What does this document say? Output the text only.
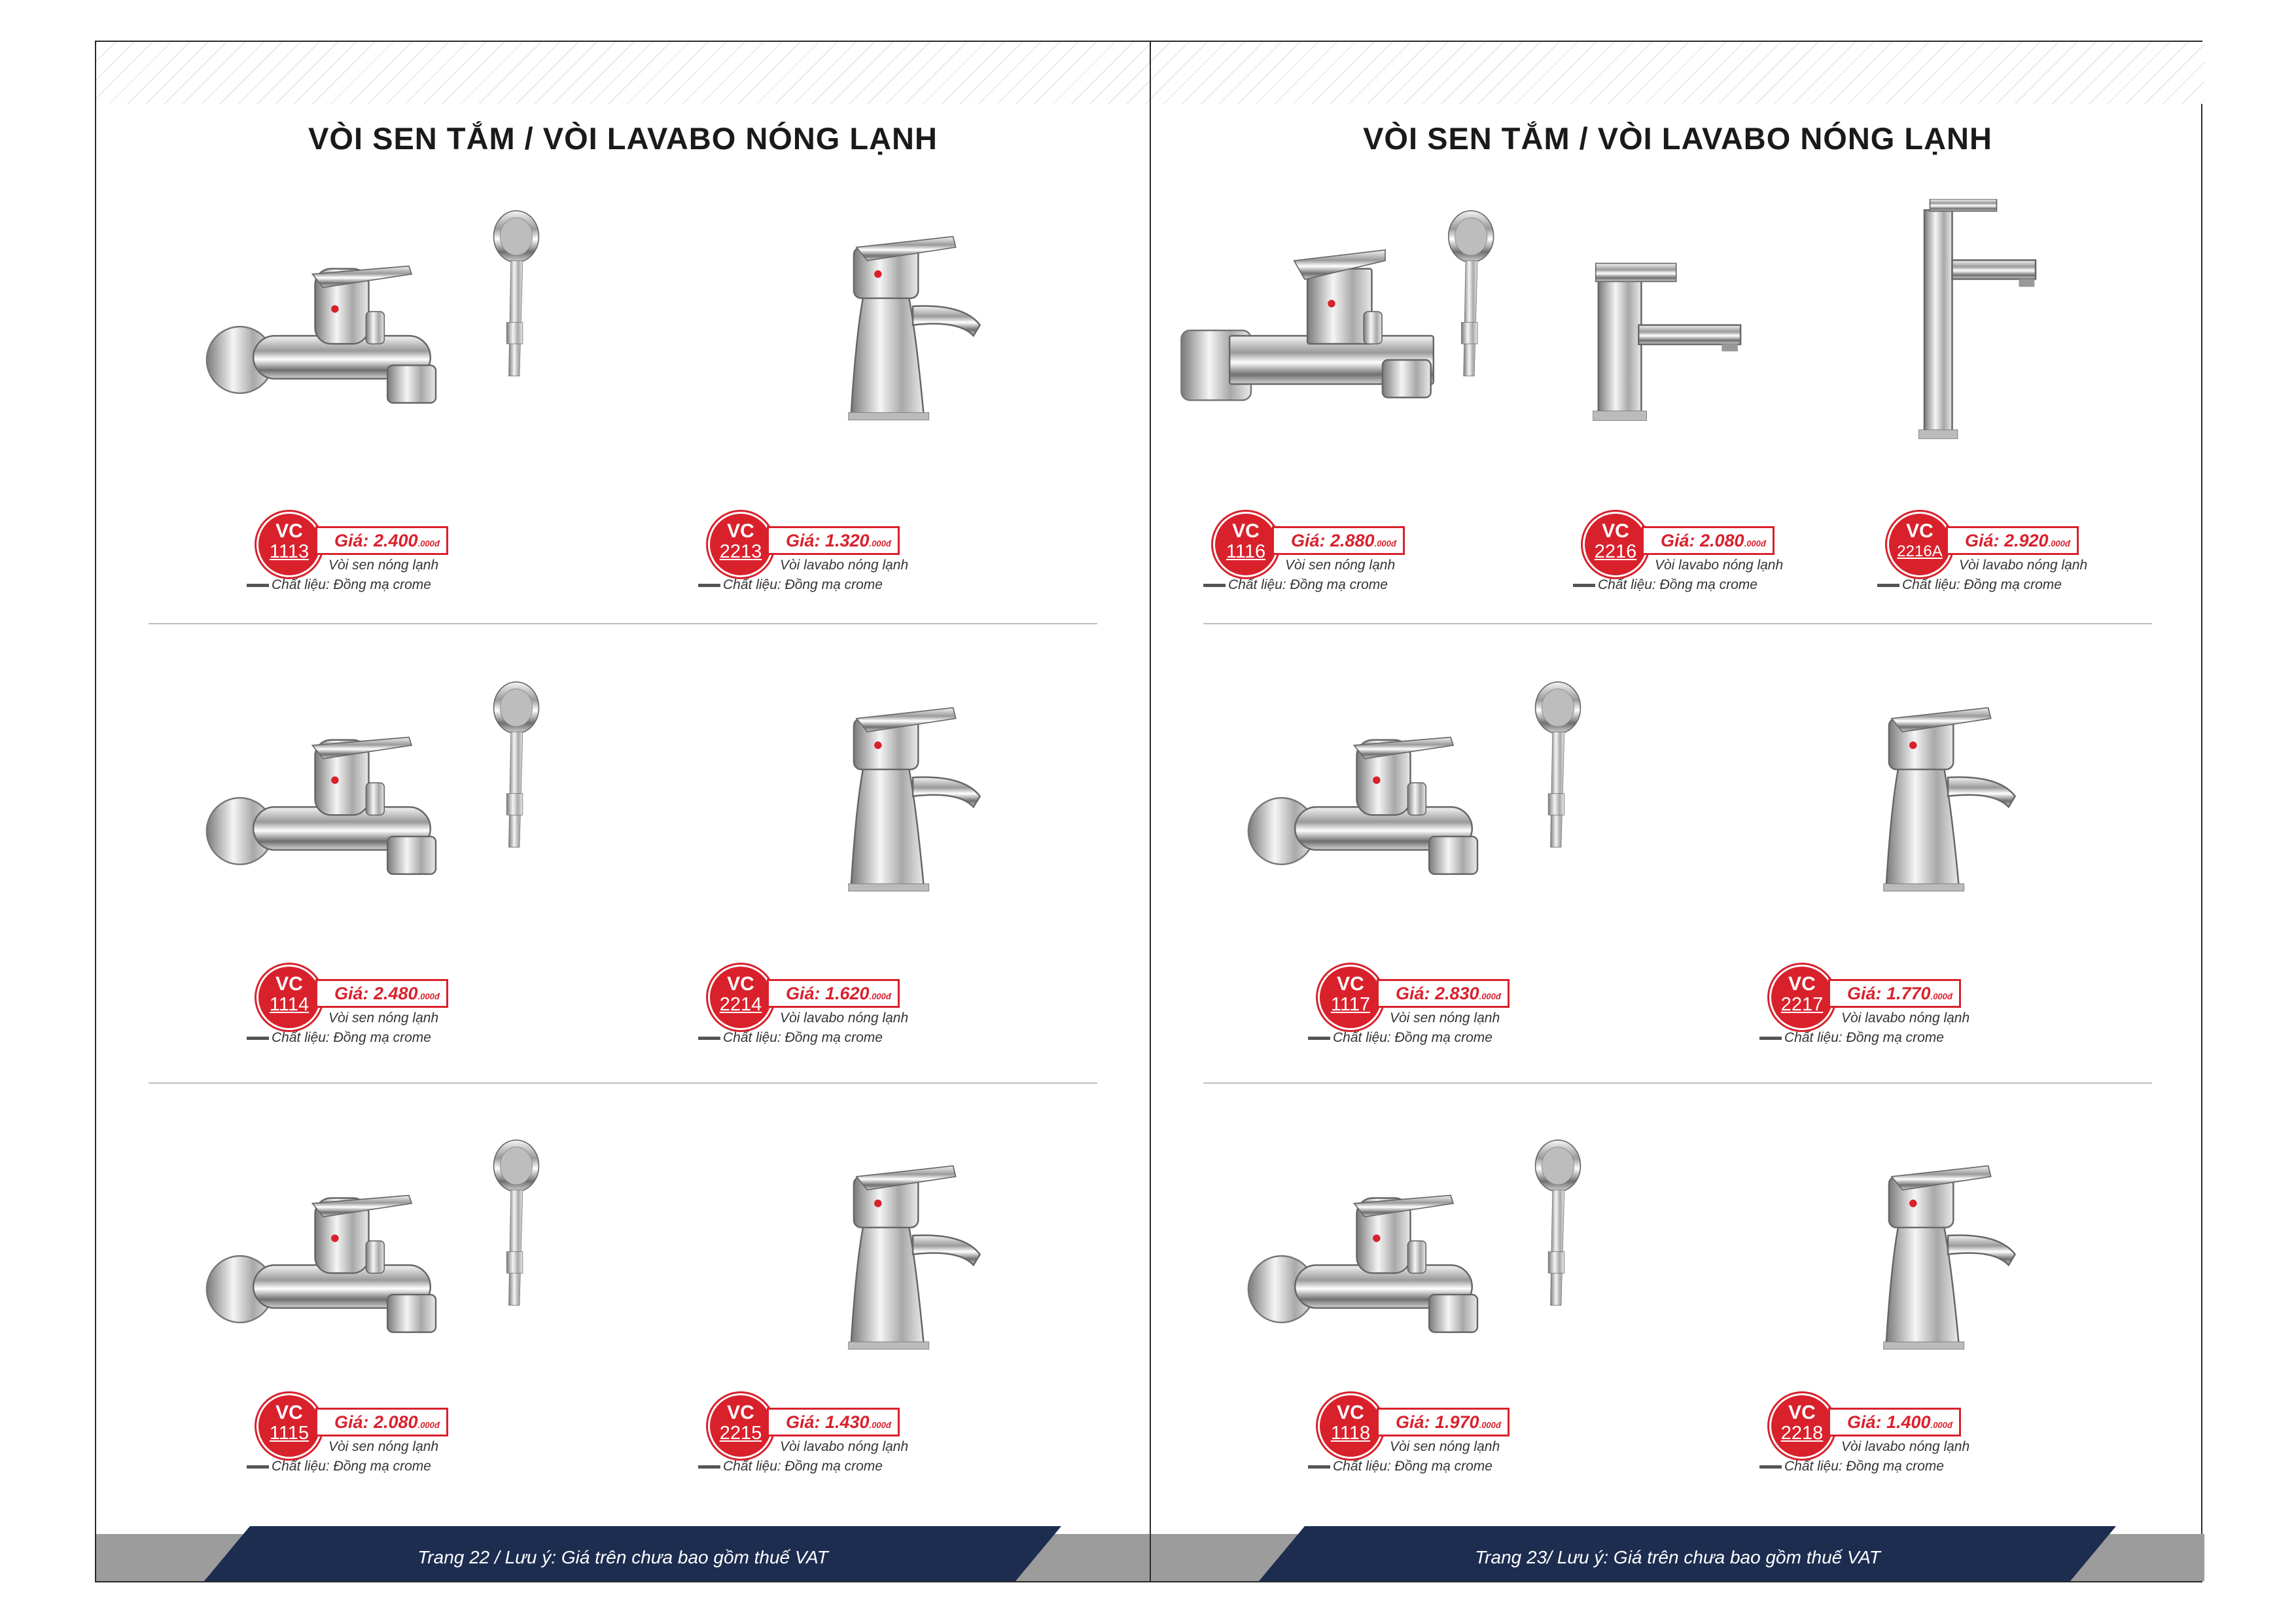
VÒI SEN TẮM / VÒI LAVABO NÓNG LẠNH
VC
1113
Giá: 2.400.000đ
Vòi sen nóng lạnh
Chất liệu: Đồng mạ crome
VC
2213
Giá: 1.320.000đ
Vòi lavabo nóng lạnh
Chất liệu: Đồng mạ crome
VC
1114
Giá: 2.480.000đ
Vòi sen nóng lạnh
Chất liệu: Đồng mạ crome
VC
2214
Giá: 1.620.000đ
Vòi lavabo nóng lạnh
Chất liệu: Đồng mạ crome
VC
1115
Giá: 2.080.000đ
Vòi sen nóng lạnh
Chất liệu: Đồng mạ crome
VC
2215
Giá: 1.430.000đ
Vòi lavabo nóng lạnh
Chất liệu: Đồng mạ crome
Trang 22 / Lưu ý: Giá trên chưa bao gồm thuế VAT
VÒI SEN TẮM / VÒI LAVABO NÓNG LẠNH
VC
1116
Giá: 2.880.000đ
Vòi sen nóng lạnh
Chất liệu: Đồng mạ crome
VC
2216
Giá: 2.080.000đ
Vòi lavabo nóng lạnh
Chất liệu: Đồng mạ crome
VC
2216A
Giá: 2.920.000đ
Vòi lavabo nóng lạnh
Chất liệu: Đồng mạ crome
VC
1117
Giá: 2.830.000đ
Vòi sen nóng lạnh
Chất liệu: Đồng mạ crome
VC
2217
Giá: 1.770.000đ
Vòi lavabo nóng lạnh
Chất liệu: Đồng mạ crome
VC
1118
Giá: 1.970.000đ
Vòi sen nóng lạnh
Chất liệu: Đồng mạ crome
VC
2218
Giá: 1.400.000đ
Vòi lavabo nóng lạnh
Chất liệu: Đồng mạ crome
Trang 23/ Lưu ý: Giá trên chưa bao gồm thuế VAT
